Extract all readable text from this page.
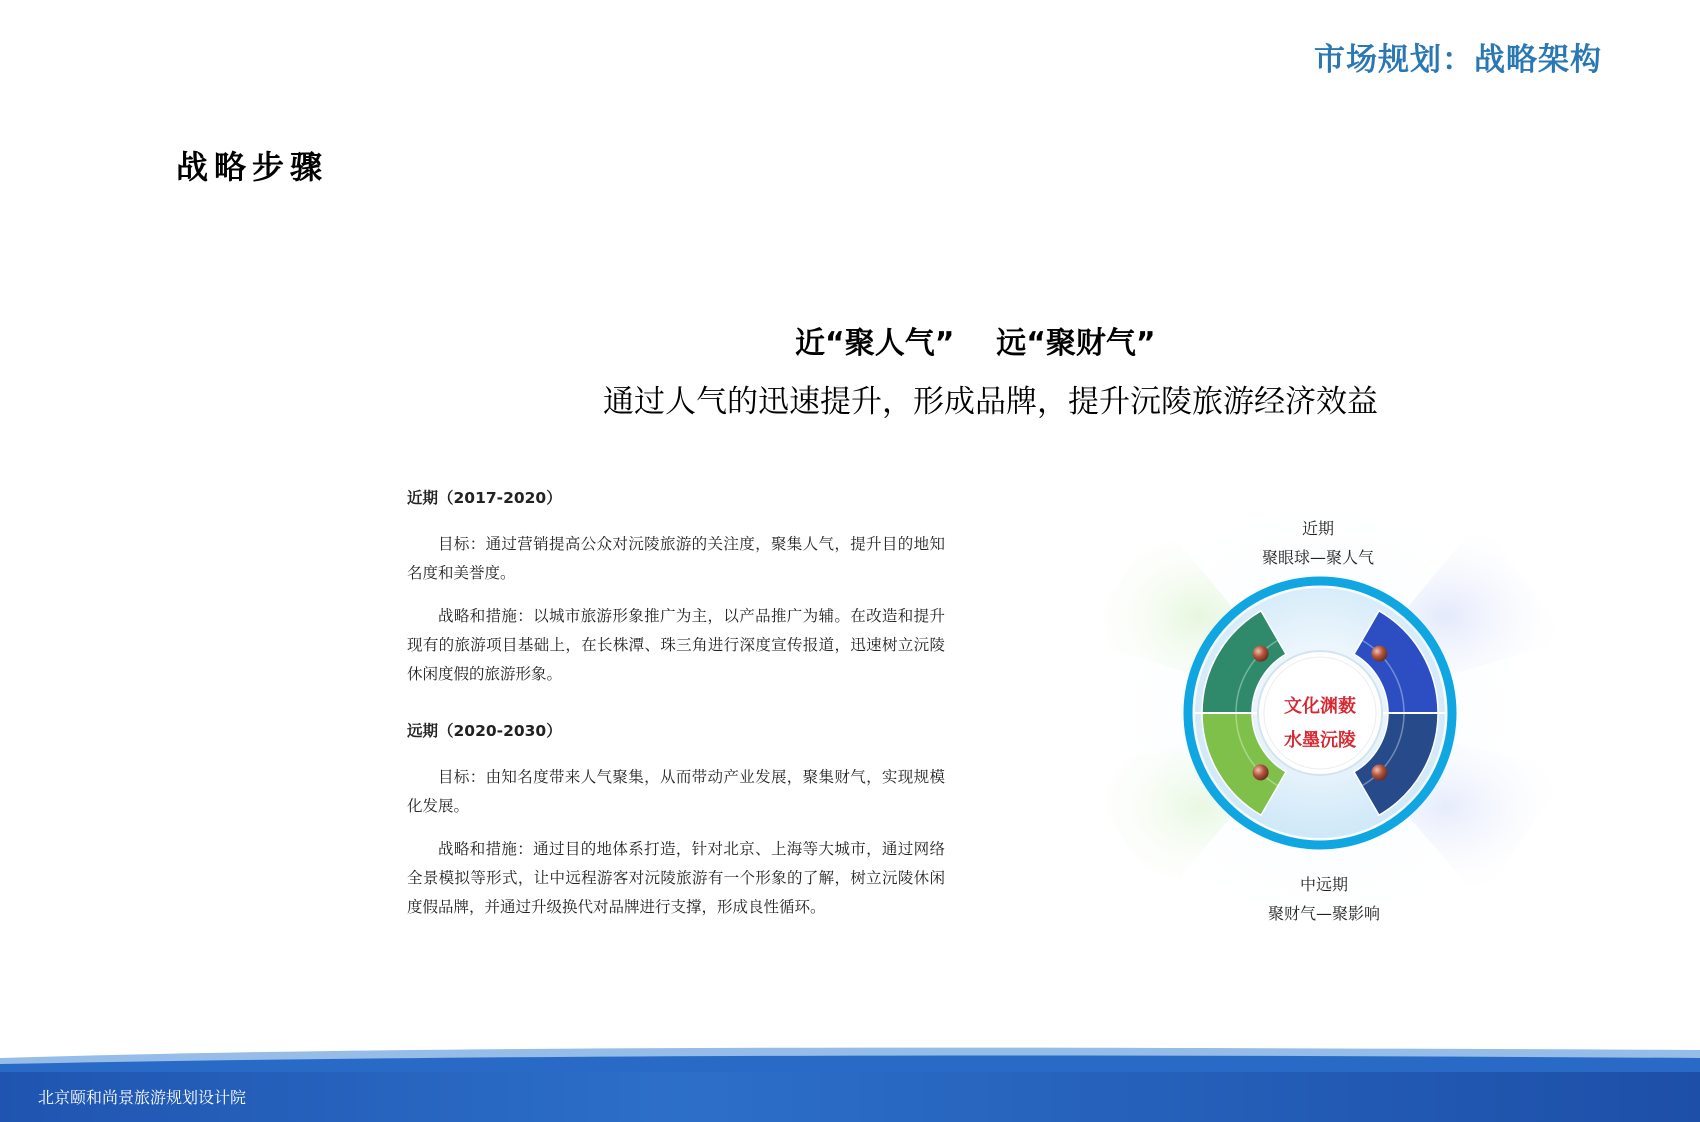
市场规划：战略架构
战略步骤
近“聚人气”    远“聚财气”
通过人气的迅速提升，形成品牌，提升沅陵旅游经济效益
近期（2017-2020）

目标：通过营销提高公众对沅陵旅游的关注度，聚集人气，提升目的地知名度和美誉度。

战略和措施：以城市旅游形象推广为主，以产品推广为辅。在改造和提升现有的旅游项目基础上，在长株潭、珠三角进行深度宣传报道，迅速树立沅陵休闲度假的旅游形象。

远期（2020-2030）

目标：由知名度带来人气聚集，从而带动产业发展，聚集财气，实现规模化发展。

战略和措施：通过目的地体系打造，针对北京、上海等大城市，通过网络全景模拟等形式，让中远程游客对沅陵旅游有一个形象的了解，树立沅陵休闲度假品牌，并通过升级换代对品牌进行支撑，形成良性循环。

近期
聚眼球—聚人气
中远期
聚财气—聚影响
文化渊薮
水墨沅陵
北京颐和尚景旅游规划设计院
